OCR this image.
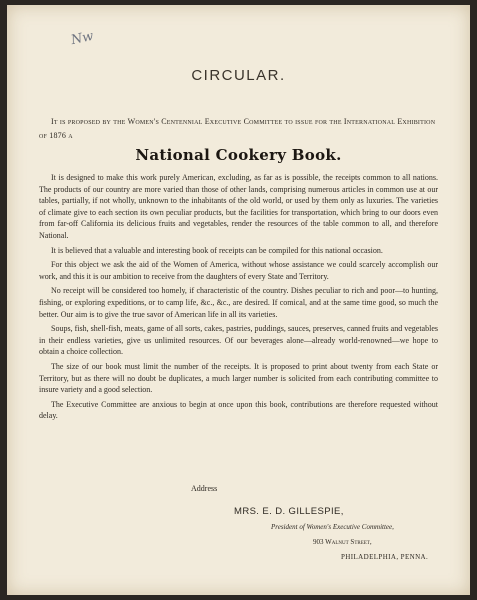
Nw
CIRCULAR.
It is proposed by the Women's Centennial Executive Committee to issue for the International Exhibition of 1876 a
National Cookery Book.

It is designed to make this work purely American, excluding, as far as is possible, the receipts common to all nations. The products of our country are more varied than those of other lands, comprising numerous articles in common use at our tables, partially, if not wholly, unknown to the inhabitants of the old world, or used by them only as luxuries. The varieties of climate give to each section its own peculiar products, but the facilities for transportation, which bring to our doors even from far-off California its delicious fruits and vegetables, render the resources of the table common to all, and therefore National.

It is believed that a valuable and interesting book of receipts can be compiled for this national occasion.

For this object we ask the aid of the Women of America, without whose assistance we could scarcely accomplish our work, and this it is our ambition to receive from the daughters of every State and Territory.

No receipt will be considered too homely, if characteristic of the country. Dishes peculiar to rich and poor—to hunting, fishing, or exploring expeditions, or to camp life, &c., &c., are desired. If comical, and at the same time good, so much the better. Our aim is to give the true savor of American life in all its varieties.

Soups, fish, shell-fish, meats, game of all sorts, cakes, pastries, puddings, sauces, preserves, canned fruits and vegetables in their endless varieties, give us unlimited resources. Of our beverages alone—already world-renowned—we hope to obtain a choice collection.

The size of our book must limit the number of the receipts. It is proposed to print about twenty from each State or Territory, but as there will no doubt be duplicates, a much larger number is solicited from each contributing committee to insure variety and a good selection.

The Executive Committee are anxious to begin at once upon this book, contributions are therefore requested without delay.

Address
MRS. E. D. GILLESPIE,
President of Women's Executive Committee,
903 Walnut Street,
PHILADELPHIA, PENNA.
